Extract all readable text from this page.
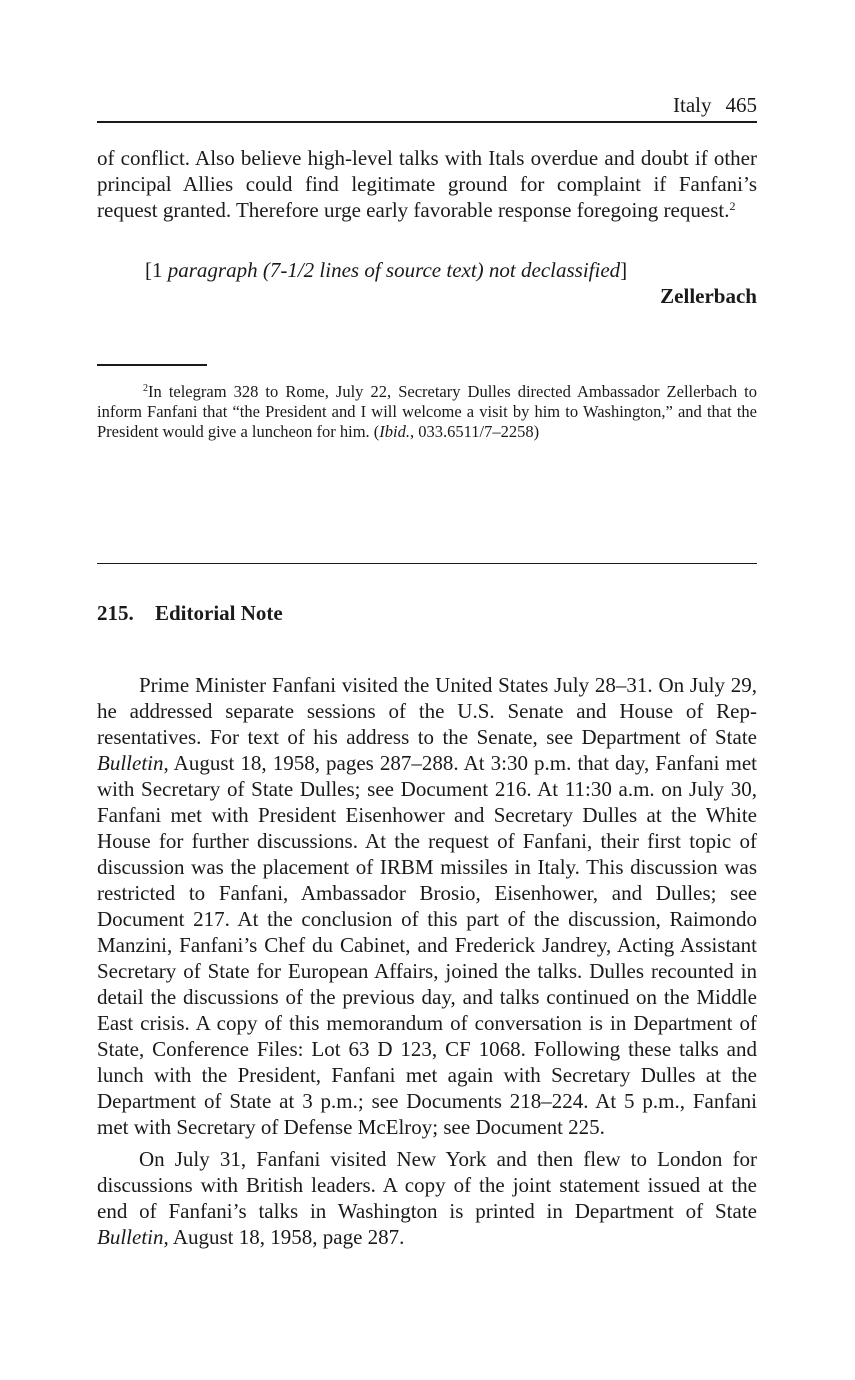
Italy 465

of conflict. Also believe high-level talks with Itals overdue and doubt if other principal Allies could find legitimate ground for complaint if Fanfani’s request granted. Therefore urge early favorable response foregoing request.$^2$

[1 paragraph (7-1/2 lines of source text) not declassified]
Zellerbach

$^2$In telegram 328 to Rome, July 22, Secretary Dulles directed Ambassador Zellerbach to inform Fanfani that “the President and I will welcome a visit by him to Washington,” and that the President would give a luncheon for him. (Ibid., 033.6511/7–2258)

215. Editorial Note

Prime Minister Fanfani visited the United States July 28–31. On July 29, he addressed separate sessions of the U.S. Senate and House of Representatives. For text of his address to the Senate, see Department of State Bulletin, August 18, 1958, pages 287–288. At 3:30 p.m. that day, Fanfani met with Secretary of State Dulles; see Document 216. At 11:30 a.m. on July 30, Fanfani met with President Eisenhower and Secretary Dulles at the White House for further discussions. At the request of Fanfani, their first topic of discussion was the placement of IRBM missiles in Italy. This discussion was restricted to Fanfani, Ambassador Brosio, Eisenhower, and Dulles; see Document 217. At the conclusion of this part of the discussion, Raimondo Manzini, Fanfani’s Chef du Cabinet, and Frederick Jandrey, Acting Assistant Secretary of State for European Affairs, joined the talks. Dulles recounted in detail the discussions of the previous day, and talks continued on the Middle East crisis. A copy of this memorandum of conversation is in Department of State, Conference Files: Lot 63 D 123, CF 1068. Following these talks and lunch with the President, Fanfani met again with Secretary Dulles at the Department of State at 3 p.m.; see Documents 218–224. At 5 p.m., Fanfani met with Secretary of Defense McElroy; see Document 225.

On July 31, Fanfani visited New York and then flew to London for discussions with British leaders. A copy of the joint statement issued at the end of Fanfani’s talks in Washington is printed in Department of State Bulletin, August 18, 1958, page 287.
